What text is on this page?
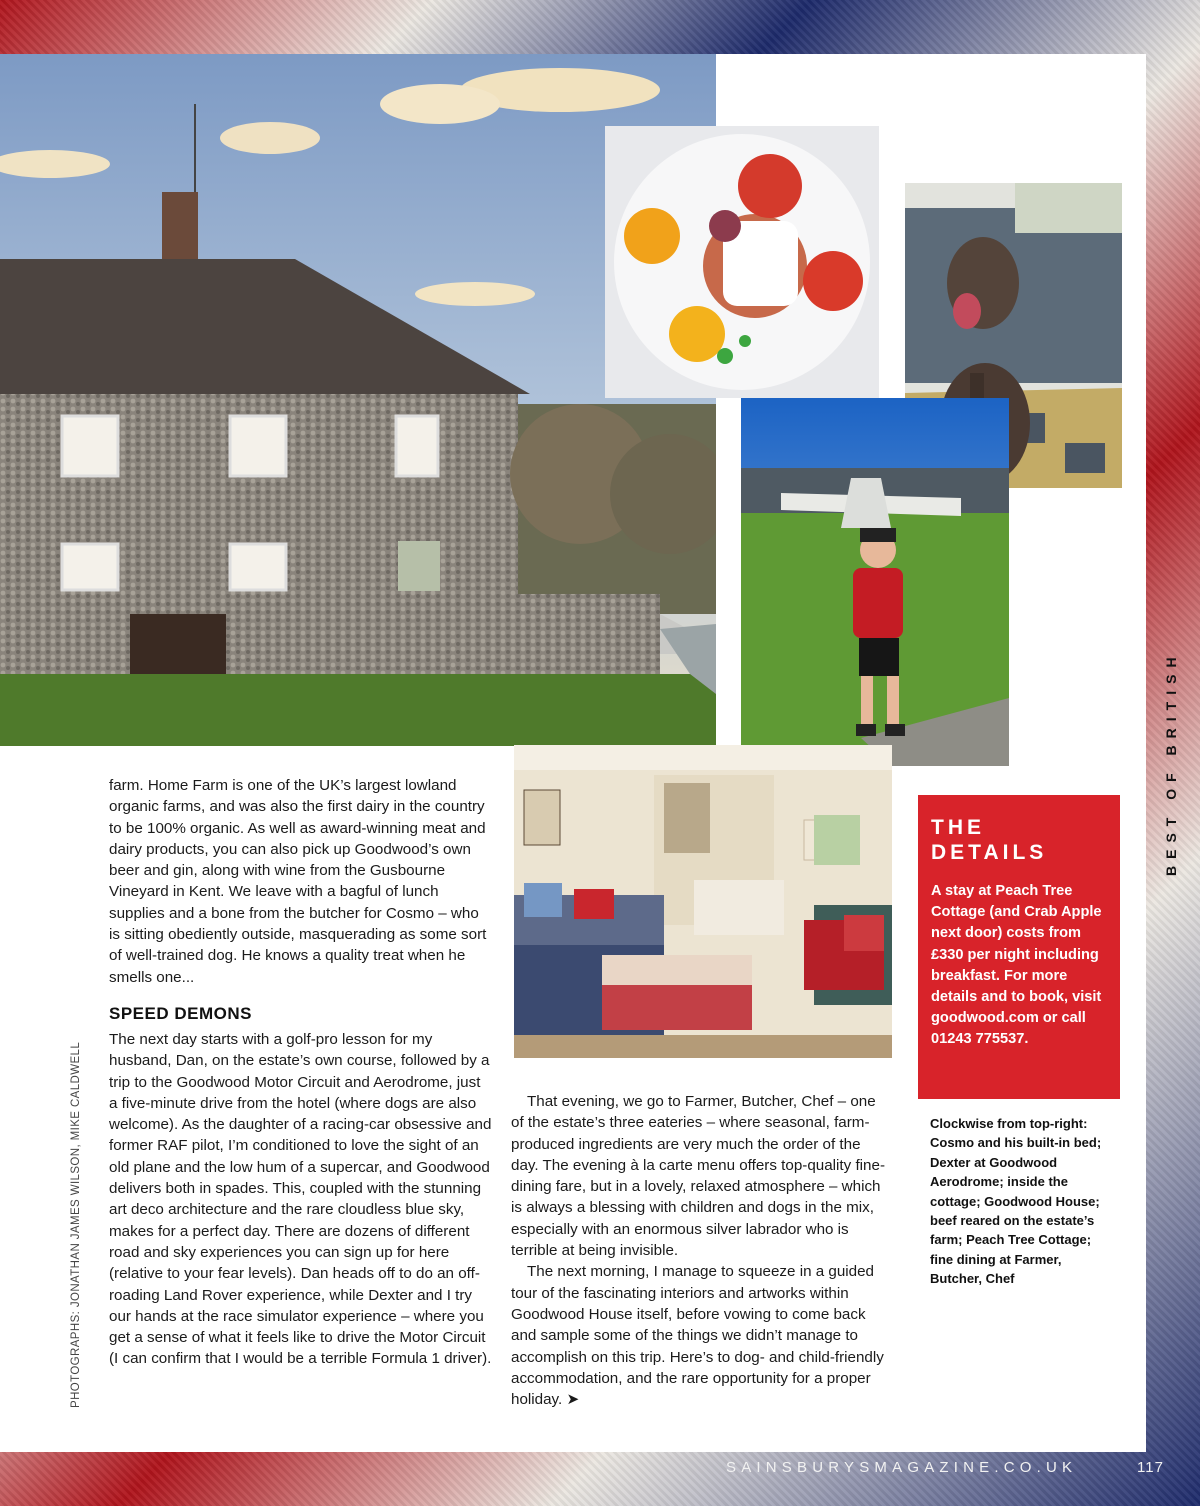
farm. Home Farm is one of the UK’s largest lowland organic farms, and was also the first dairy in the country to be 100% organic. As well as award-winning meat and dairy products, you can also pick up Goodwood’s own beer and gin, along with wine from the Gusbourne Vineyard in Kent. We leave with a bagful of lunch supplies and a bone from the butcher for Cosmo – who is sitting obediently outside, masquerading as some sort of well-trained dog. He knows a quality treat when he smells one...

SPEED DEMONS

The next day starts with a golf-pro lesson for my husband, Dan, on the estate’s own course, followed by a trip to the Goodwood Motor Circuit and Aerodrome, just a five-minute drive from the hotel (where dogs are also welcome). As the daughter of a racing-car obsessive and former RAF pilot, I’m conditioned to love the sight of an old plane and the low hum of a supercar, and Goodwood delivers both in spades. This, coupled with the stunning art deco architecture and the rare cloudless blue sky, makes for a perfect day. There are dozens of different road and sky experiences you can sign up for here (relative to your fear levels). Dan heads off to do an off-roading Land Rover experience, while Dexter and I try our hands at the race simulator experience – where you get a sense of what it feels like to drive the Motor Circuit (I can confirm that I would be a terrible Formula 1 driver).

That evening, we go to Farmer, Butcher, Chef – one of the estate’s three eateries – where seasonal, farm-produced ingredients are very much the order of the day. The evening à la carte menu offers top-quality fine-dining fare, but in a lovely, relaxed atmosphere – which is always a blessing with children and dogs in the mix, especially with an enormous silver labrador who is terrible at being invisible.

The next morning, I manage to squeeze in a guided tour of the fascinating interiors and artworks within Goodwood House itself, before vowing to come back and sample some of the things we didn’t manage to accomplish on this trip. Here’s to dog- and child-friendly accommodation, and the rare opportunity for a proper holiday. ➤

THE
DETAILS
A stay at Peach Tree Cottage (and Crab Apple next door) costs from £330 per night including breakfast. For more details and to book, visit goodwood.com or call 01243 775537.
Clockwise from top-right: Cosmo and his built-in bed; Dexter at Goodwood Aerodrome; inside the cottage; Goodwood House; beef reared on the estate’s farm; Peach Tree Cottage; fine dining at Farmer, Butcher, Chef
BEST OF BRITISH
PHOTOGRAPHS: JONATHAN JAMES WILSON, MIKE CALDWELL
SAINSBURYSMAGAZINE.CO.UK	117
